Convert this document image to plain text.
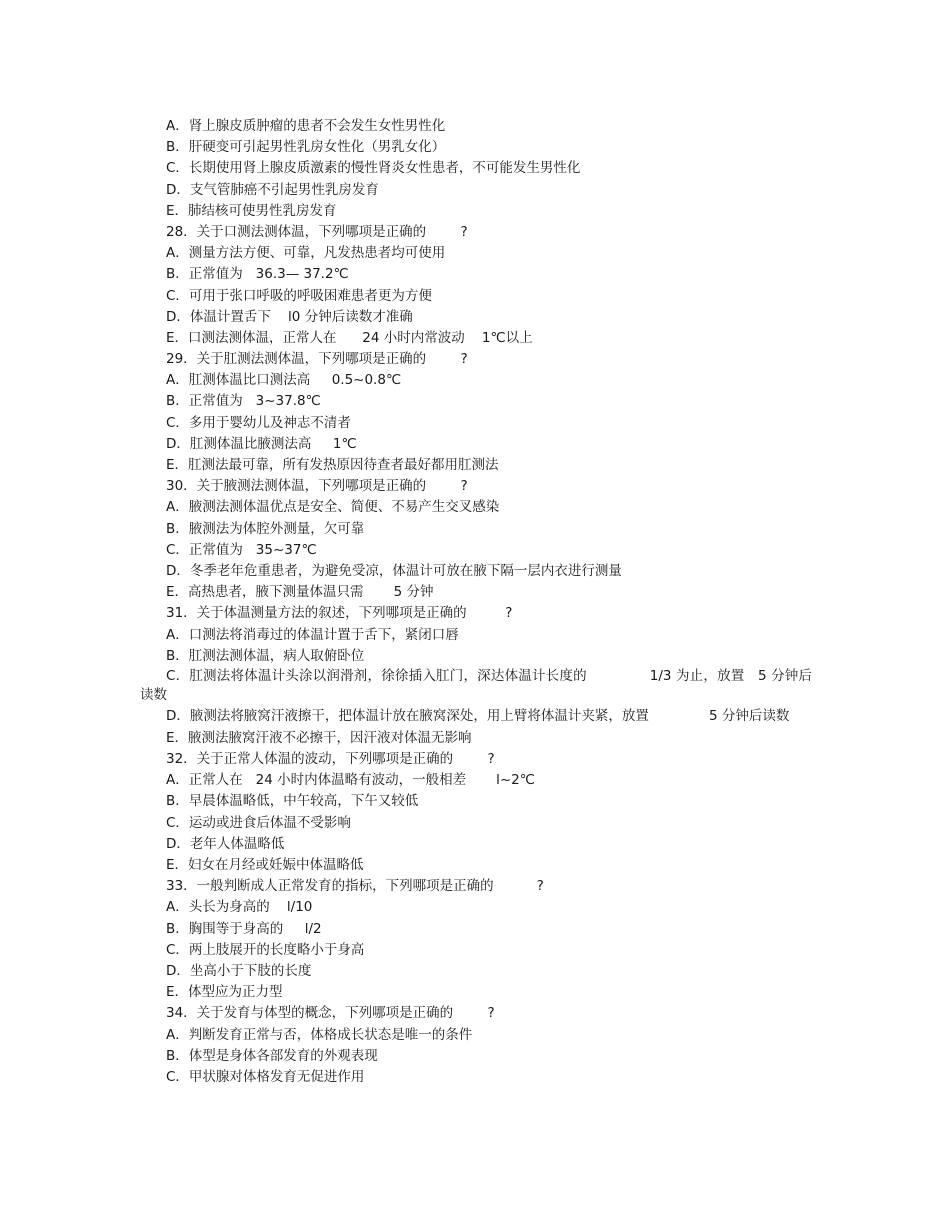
A．肾上腺皮质肿瘤的患者不会发生女性男性化
B．肝硬变可引起男性乳房女性化（男乳女化）
C．长期使用肾上腺皮质激素的慢性肾炎女性患者，不可能发生男性化
D．支气管肺癌不引起男性乳房发育
E．肺结核可使男性乳房发育
28．关于口测法测体温，下列哪项是正确的        ?
A．测量方法方便、可靠，凡发热患者均可使用
B．正常值为   36.3— 37.2℃
C．可用于张口呼吸的呼吸困难患者更为方便
D．体温计置舌下    l0 分钟后读数才准确
E．口测法测体温，正常人在      24 小时内常波动    1℃以上
29．关于肛测法测体温，下列哪项是正确的        ?
A．肛测体温比口测法高     0.5~0.8℃
B．正常值为   3~37.8℃
C．多用于婴幼儿及神志不清者
D．肛测体温比腋测法高     1℃
E．肛测法最可靠，所有发热原因待查者最好都用肛测法
30．关于腋测法测体温，下列哪项是正确的        ?
A．腋测法测体温优点是安全、简便、不易产生交叉感染
B．腋测法为体腔外测量，欠可靠
C．正常值为   35~37℃
D．冬季老年危重患者，为避免受凉，体温计可放在腋下隔一层内衣进行测量
E．高热患者，腋下测量体温只需       5 分钟
31．关于体温测量方法的叙述，下列哪项是正确的         ?
A．口测法将消毒过的体温计置于舌下，紧闭口唇
B．肛测法测体温，病人取俯卧位
C．肛测法将体温计头涂以润滑剂，徐徐插入肛门，深达体温计长度的              1/3 为止，放置   5 分钟后读数
D．腋测法将腋窝汗液擦干，把体温计放在腋窝深处，用上臂将体温计夹紧，放置              5 分钟后读数
E．腋测法腋窝汗液不必擦干，因汗液对体温无影响
32．关于正常人体温的波动，下列哪项是正确的        ?
A．正常人在   24 小时内体温略有波动，一般相差       l~2℃
B．早晨体温略低，中午较高，下午又较低
C．运动或进食后体温不受影响
D．老年人体温略低
E．妇女在月经或妊娠中体温略低
33．一般判断成人正常发育的指标，下列哪项是正确的          ?
A．头长为身高的    l/10
B．胸围等于身高的     l/2
C．两上肢展开的长度略小于身高
D．坐高小于下肢的长度
E．体型应为正力型
34．关于发育与体型的概念，下列哪项是正确的        ?
A．判断发育正常与否，体格成长状态是唯一的条件
B．体型是身体各部发育的外观表现
C．甲状腺对体格发育无促进作用
